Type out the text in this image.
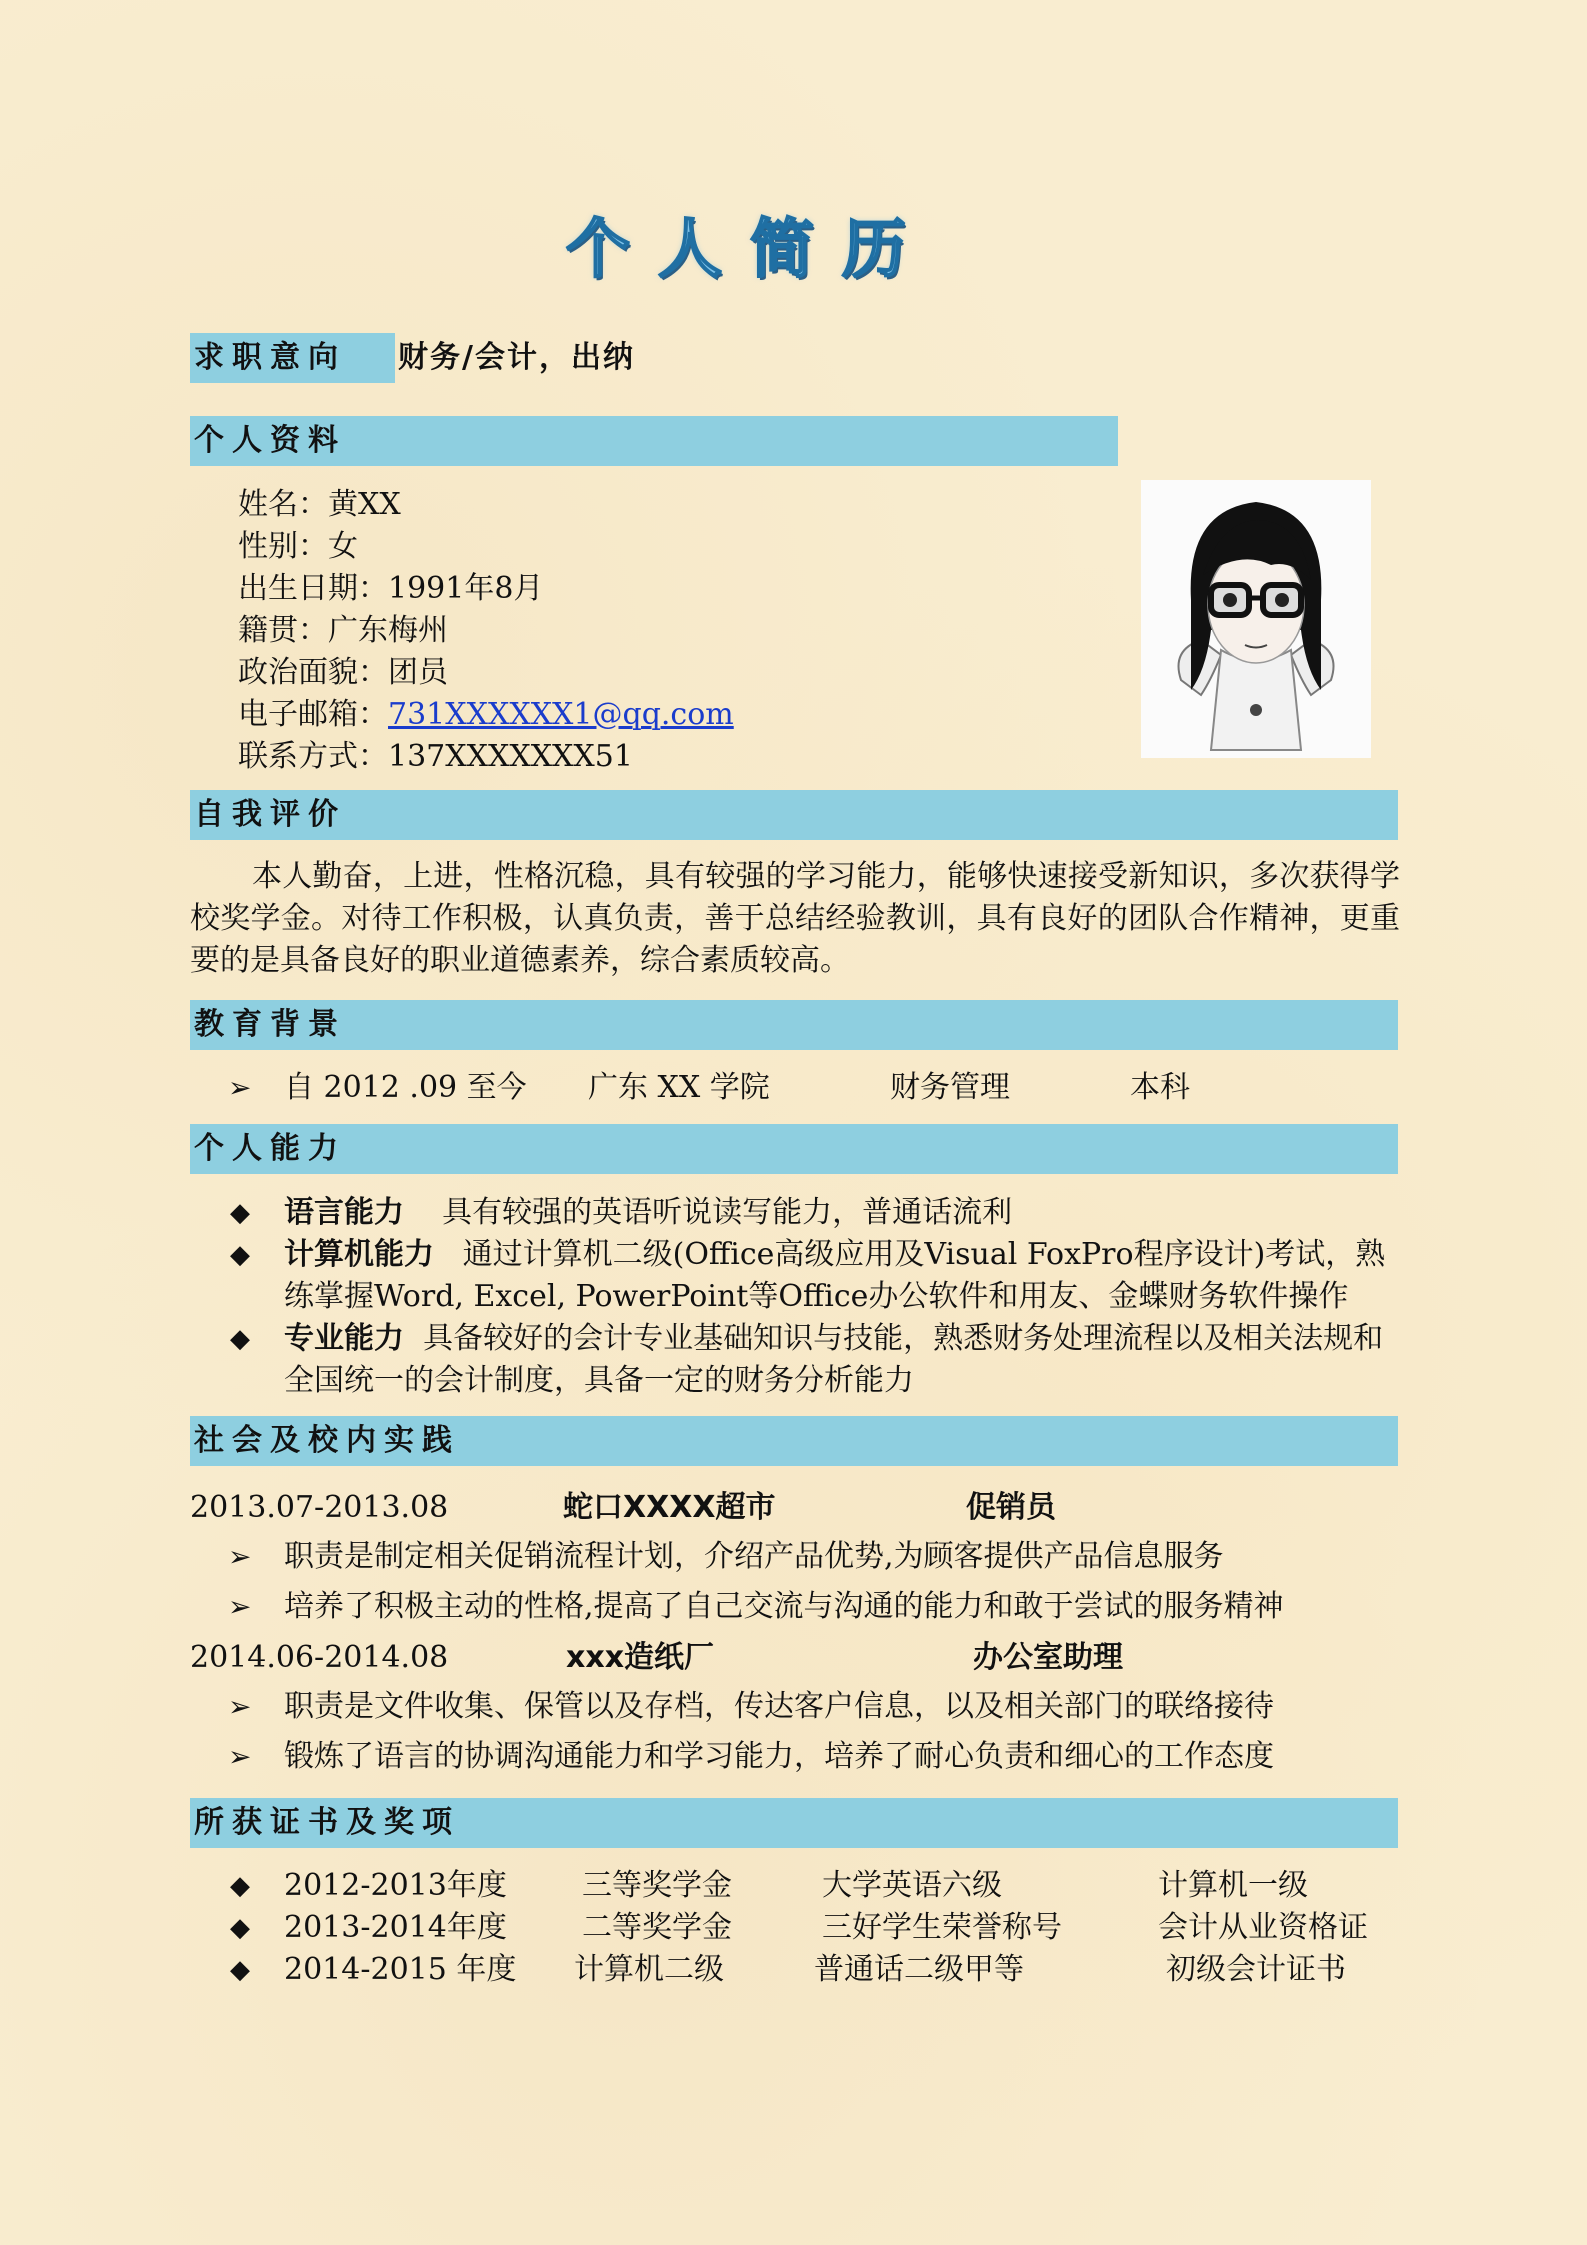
个人简历
求职意向	财务/会计，出纳
个人资料
姓名：黄XX
性别：女
出生日期：1991年8月
籍贯：广东梅州
政治面貌：团员
电子邮箱：731XXXXXX1@qq.com
联系方式：137XXXXXXX51
自我评价
本人勤奋，上进，性格沉稳，具有较强的学习能力，能够快速接受新知识，多次获得学校奖学金。对待工作积极，认真负责，善于总结经验教训，具有良好的团队合作精神，更重要的是具备良好的职业道德素养，综合素质较高。
教育背景
➢ 自 2012 .09 至今 广东 XX 学院	财务管理	本科
个人能力
◆ 语言能力 具有较强的英语听说读写能力，普通话流利
◆ 计算机能力 通过计算机二级(Office高级应用及Visual FoxPro程序设计)考试，熟练掌握Word, Excel, PowerPoint等Office办公软件和用友、金蝶财务软件操作
◆ 专业能力 具备较好的会计专业基础知识与技能，熟悉财务处理流程以及相关法规和全国统一的会计制度，具备一定的财务分析能力
社会及校内实践
2013.07-2013.08	蛇口XXXX超市	促销员
➢ 职责是制定相关促销流程计划，介绍产品优势,为顾客提供产品信息服务
➢ 培养了积极主动的性格,提高了自己交流与沟通的能力和敢于尝试的服务精神
2014.06-2014.08	xxx造纸厂	办公室助理
➢ 职责是文件收集、保管以及存档，传达客户信息，以及相关部门的联络接待
➢ 锻炼了语言的协调沟通能力和学习能力，培养了耐心负责和细心的工作态度
所获证书及奖项
◆ 2012-2013年度	三等奖学金	大学英语六级	计算机一级
◆ 2013-2014年度	二等奖学金	三好学生荣誉称号	会计从业资格证
◆ 2014-2015 年度 计算机二级	普通话二级甲等	初级会计证书
